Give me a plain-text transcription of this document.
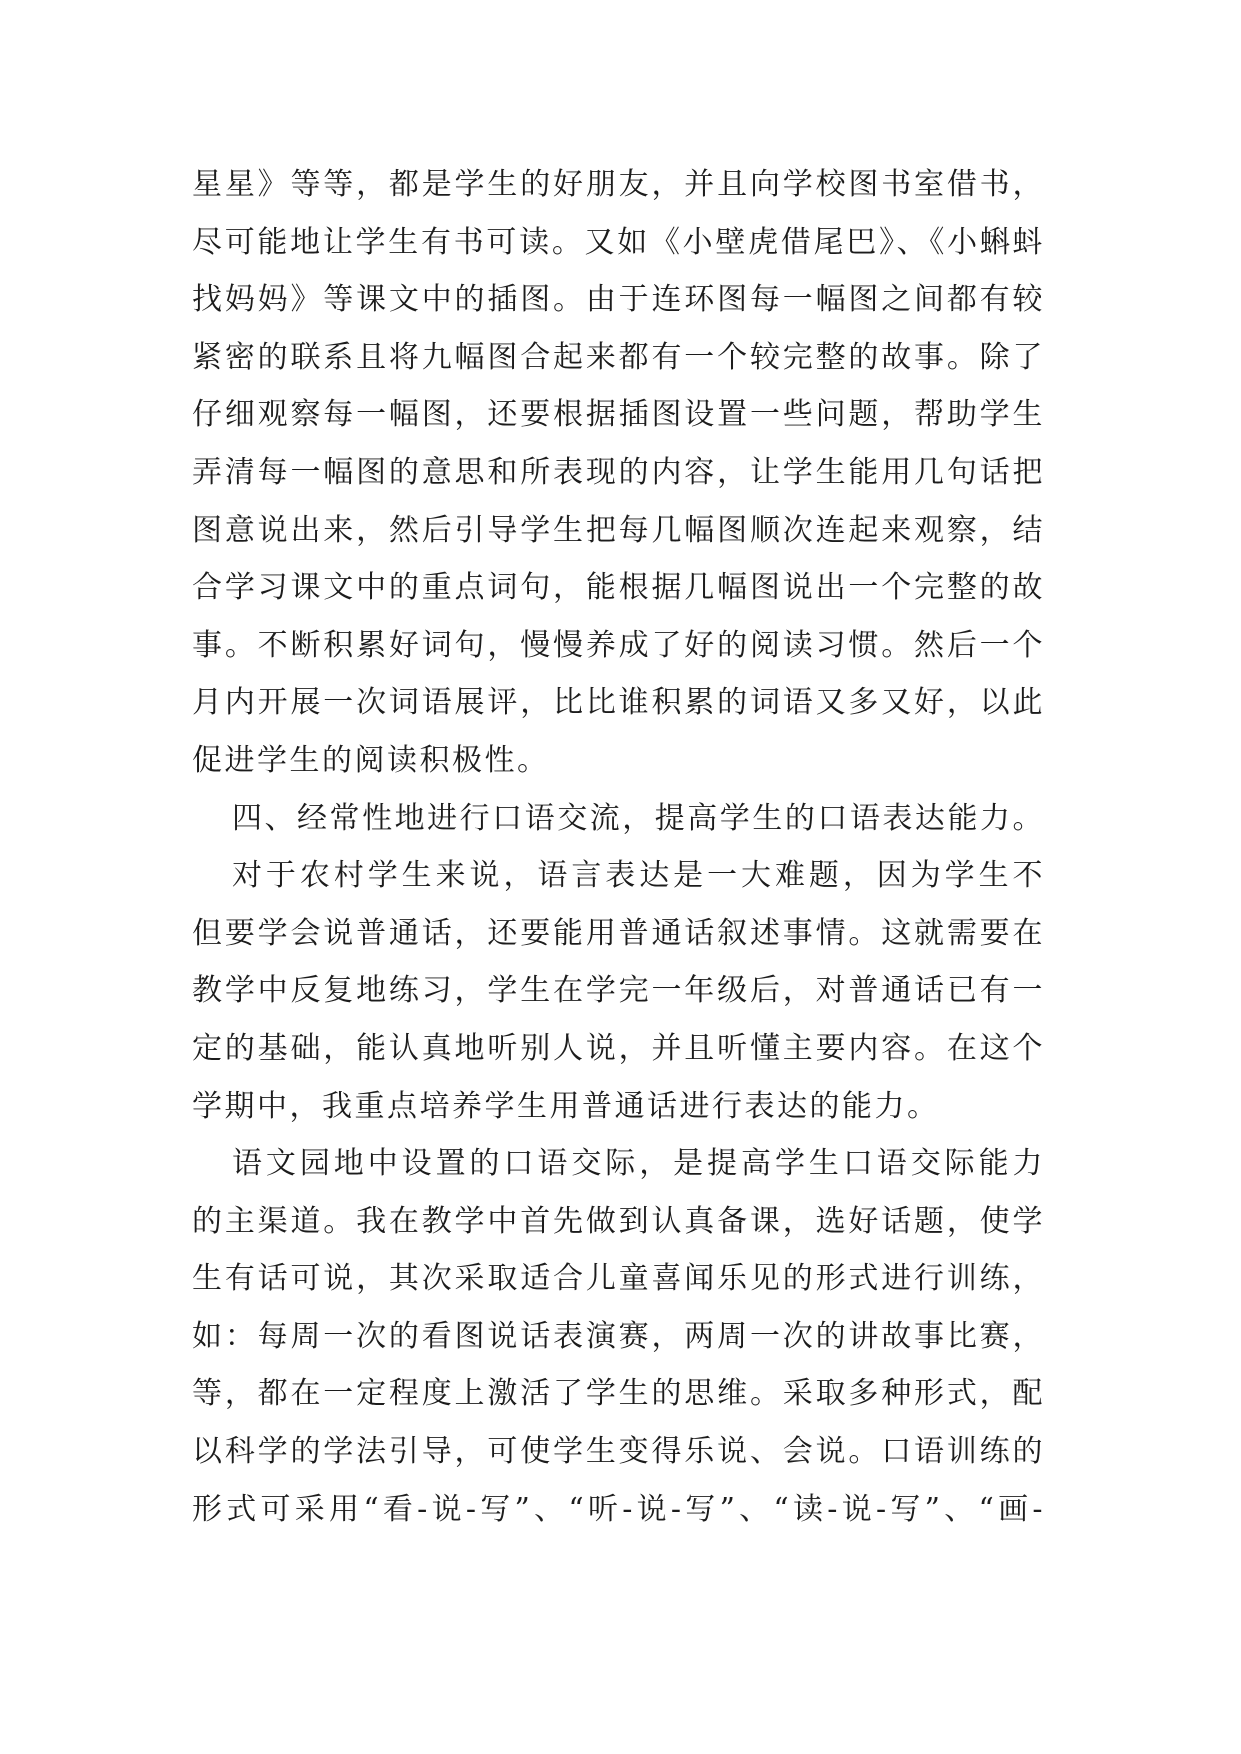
星星》等等，都是学生的好朋友，并且向学校图书室借书，
尽可能地让学生有书可读。又如《小壁虎借尾巴》、《小蝌蚪
找妈妈》等课文中的插图。由于连环图每一幅图之间都有较
紧密的联系且将九幅图合起来都有一个较完整的故事。除了
仔细观察每一幅图，还要根据插图设置一些问题，帮助学生
弄清每一幅图的意思和所表现的内容，让学生能用几句话把
图意说出来，然后引导学生把每几幅图顺次连起来观察，结
合学习课文中的重点词句，能根据几幅图说出一个完整的故
事。不断积累好词句，慢慢养成了好的阅读习惯。然后一个
月内开展一次词语展评，比比谁积累的词语又多又好，以此
促进学生的阅读积极性。
四、经常性地进行口语交流，提高学生的口语表达能力。
对于农村学生来说，语言表达是一大难题，因为学生不
但要学会说普通话，还要能用普通话叙述事情。这就需要在
教学中反复地练习，学生在学完一年级后，对普通话已有一
定的基础，能认真地听别人说，并且听懂主要内容。在这个
学期中，我重点培养学生用普通话进行表达的能力。
语文园地中设置的口语交际，是提高学生口语交际能力
的主渠道。我在教学中首先做到认真备课，选好话题，使学
生有话可说，其次采取适合儿童喜闻乐见的形式进行训练，
如：每周一次的看图说话表演赛，两周一次的讲故事比赛，
等，都在一定程度上激活了学生的思维。采取多种形式，配
以科学的学法引导，可使学生变得乐说、会说。口语训练的
形式可采用“看-说-写”、“听-说-写”、“读-说-写”、“画-
